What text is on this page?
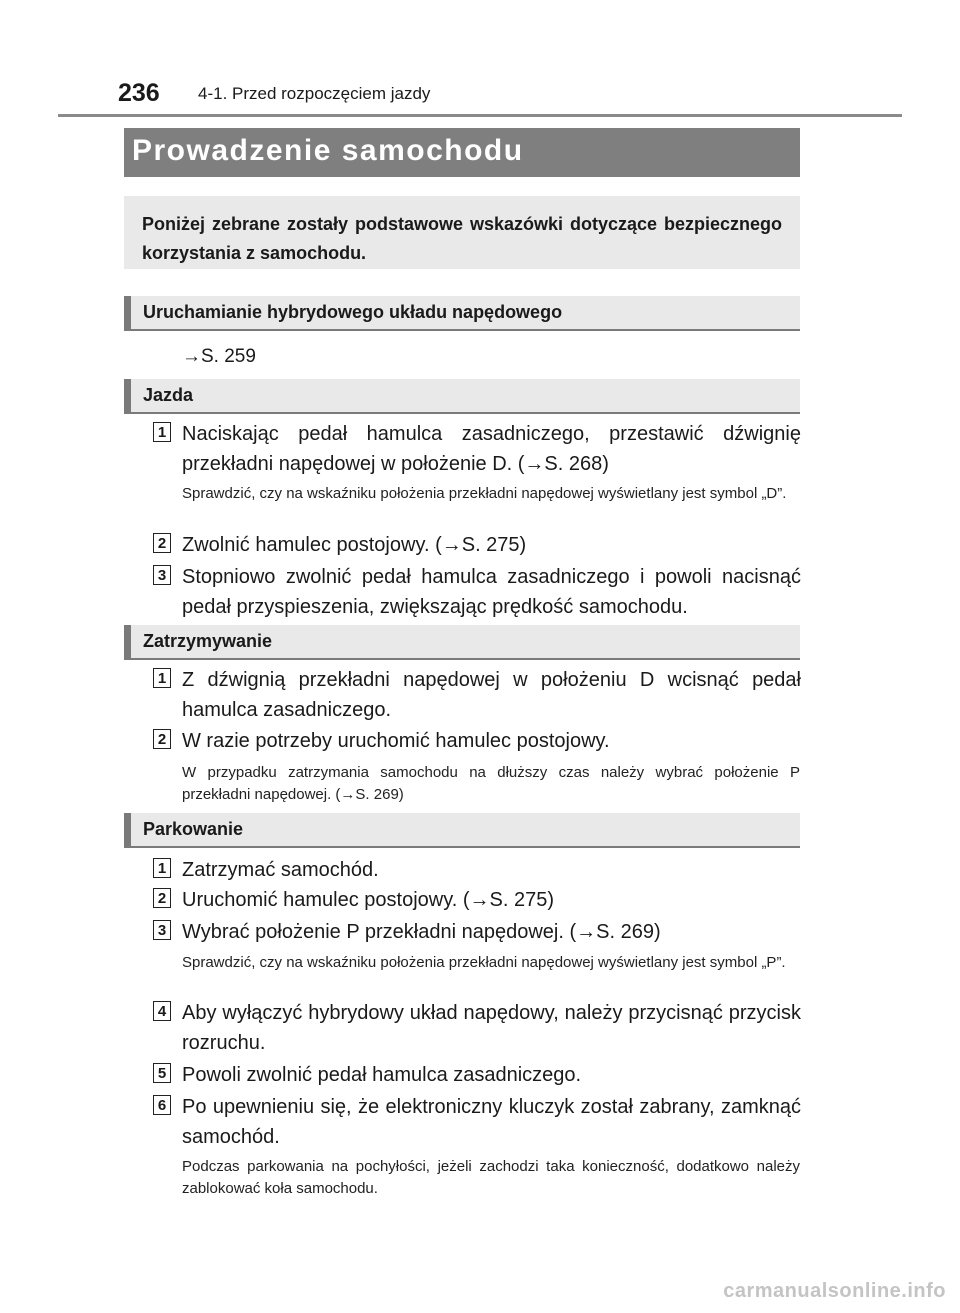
236 4-1. Przed rozpoczęciem jazdy
Prowadzenie samochodu

Poniżej zebrane zostały podstawowe wskazówki dotyczące bezpiecznego korzystania z samochodu.

Uruchamianie hybrydowego układu napędowego
→S. 259
Jazda
1 Naciskając pedał hamulca zasadniczego, przestawić dźwignię przekładni napędowej w położenie D. (→S. 268)
Sprawdzić, czy na wskaźniku położenia przekładni napędowej wyświetlany jest symbol „D”.
2 Zwolnić hamulec postojowy. (→S. 275)
3 Stopniowo zwolnić pedał hamulca zasadniczego i powoli nacisnąć pedał przyspieszenia, zwiększając prędkość samochodu.
Zatrzymywanie
1 Z dźwignią przekładni napędowej w położeniu D wcisnąć pedał hamulca zasadniczego.
2 W razie potrzeby uruchomić hamulec postojowy.
W przypadku zatrzymania samochodu na dłuższy czas należy wybrać położenie P przekładni napędowej. (→S. 269)
Parkowanie
1 Zatrzymać samochód.
2 Uruchomić hamulec postojowy. (→S. 275)
3 Wybrać położenie P przekładni napędowej. (→S. 269)
Sprawdzić, czy na wskaźniku położenia przekładni napędowej wyświetlany jest symbol „P”.
4 Aby wyłączyć hybrydowy układ napędowy, należy przycisnąć przycisk rozruchu.
5 Powoli zwolnić pedał hamulca zasadniczego.
6 Po upewnieniu się, że elektroniczny kluczyk został zabrany, zamknąć samochód.
Podczas parkowania na pochyłości, jeżeli zachodzi taka konieczność, dodatkowo należy zablokować koła samochodu.
carmanualsonline.info
